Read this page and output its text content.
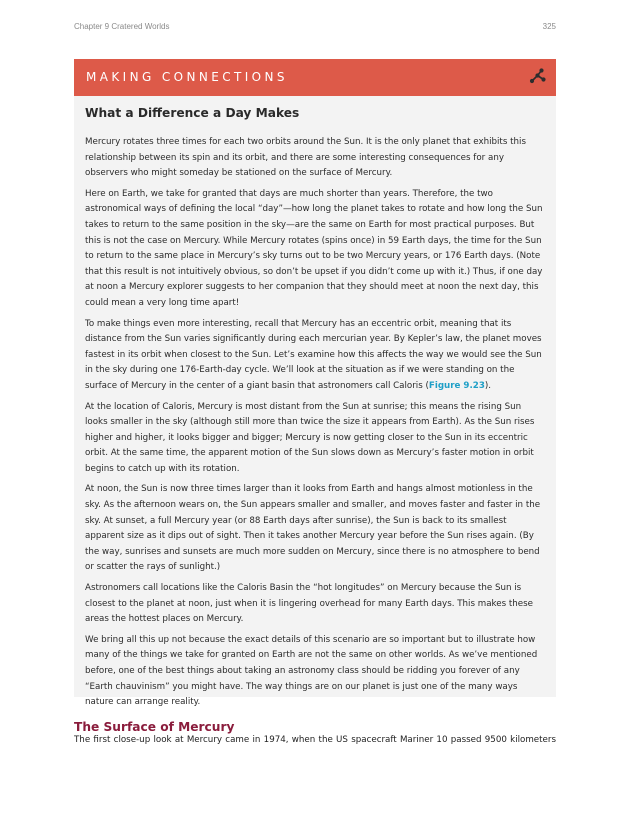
Chapter 9 Cratered Worlds	325
MAKING CONNECTIONS
What a Difference a Day Makes

Mercury rotates three times for each two orbits around the Sun. It is the only planet that exhibits this relationship between its spin and its orbit, and there are some interesting consequences for any observers who might someday be stationed on the surface of Mercury.

Here on Earth, we take for granted that days are much shorter than years. Therefore, the two astronomical ways of defining the local “day”—how long the planet takes to rotate and how long the Sun takes to return to the same position in the sky—are the same on Earth for most practical purposes. But this is not the case on Mercury. While Mercury rotates (spins once) in 59 Earth days, the time for the Sun to return to the same place in Mercury’s sky turns out to be two Mercury years, or 176 Earth days. (Note that this result is not intuitively obvious, so don’t be upset if you didn’t come up with it.) Thus, if one day at noon a Mercury explorer suggests to her companion that they should meet at noon the next day, this could mean a very long time apart!

To make things even more interesting, recall that Mercury has an eccentric orbit, meaning that its distance from the Sun varies significantly during each mercurian year. By Kepler’s law, the planet moves fastest in its orbit when closest to the Sun. Let’s examine how this affects the way we would see the Sun in the sky during one 176-Earth-day cycle. We’ll look at the situation as if we were standing on the surface of Mercury in the center of a giant basin that astronomers call Caloris (Figure 9.23).

At the location of Caloris, Mercury is most distant from the Sun at sunrise; this means the rising Sun looks smaller in the sky (although still more than twice the size it appears from Earth). As the Sun rises higher and higher, it looks bigger and bigger; Mercury is now getting closer to the Sun in its eccentric orbit. At the same time, the apparent motion of the Sun slows down as Mercury’s faster motion in orbit begins to catch up with its rotation.

At noon, the Sun is now three times larger than it looks from Earth and hangs almost motionless in the sky. As the afternoon wears on, the Sun appears smaller and smaller, and moves faster and faster in the sky. At sunset, a full Mercury year (or 88 Earth days after sunrise), the Sun is back to its smallest apparent size as it dips out of sight. Then it takes another Mercury year before the Sun rises again. (By the way, sunrises and sunsets are much more sudden on Mercury, since there is no atmosphere to bend or scatter the rays of sunlight.)

Astronomers call locations like the Caloris Basin the “hot longitudes” on Mercury because the Sun is closest to the planet at noon, just when it is lingering overhead for many Earth days. This makes these areas the hottest places on Mercury.

We bring all this up not because the exact details of this scenario are so important but to illustrate how many of the things we take for granted on Earth are not the same on other worlds. As we’ve mentioned before, one of the best things about taking an astronomy class should be ridding you forever of any “Earth chauvinism” you might have. The way things are on our planet is just one of the many ways nature can arrange reality.

The Surface of Mercury
The first close-up look at Mercury came in 1974, when the US spacecraft Mariner 10 passed 9500 kilometers
